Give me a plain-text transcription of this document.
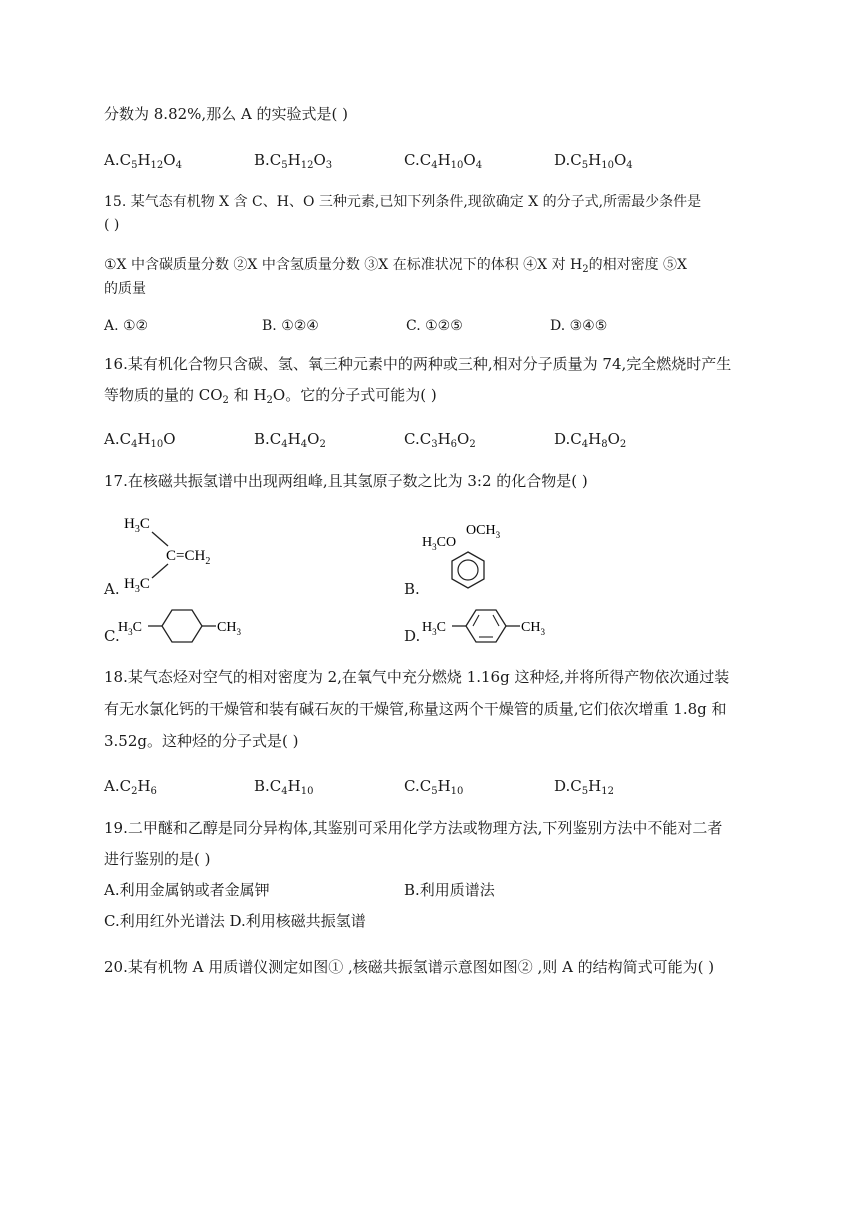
分数为 8.82%,那么 A 的实验式是( )
$A.C_5H_{12}O_4$	$B.C_5H_{12}O_3$	$C.C_4H_{10}O_4$	$D.C_5H_{10}O_4$
15. 某气态有机物 X 含 C、H、O 三种元素,已知下列条件,现欲确定 X 的分子式,所需最少条件是
( )
①X 中含碳质量分数 ②X 中含氢质量分数 ③X 在标准状况下的体积 ④X 对 $H_2$的相对密度 ⑤X
的质量
A. ①②	B. ①②④	C. ①②⑤	D. ③④⑤
16.某有机化合物只含碳、氢、氧三种元素中的两种或三种,相对分子质量为 74,完全燃烧时产生
等物质的量的 $CO_2$ 和 $H_2O$。它的分子式可能为( )
$A.C_4H_{10}O$	$B.C_4H_4O_2$	$C.C_3H_6O_2$	$D.C_4H_8O_2$
17.在核磁共振氢谱中出现两组峰,且其氢原子数之比为 3:2 的化合物是( )
A.	B.
C.	D.
$H_3C$
$C=CH_2$
$H_3C$
$H_3CO$
$OCH_3$
$H_3C$	$CH_3$	$H_3C$	$CH_3$
18.某气态烃对空气的相对密度为 2,在氧气中充分燃烧 1.16g 这种烃,并将所得产物依次通过装
有无水氯化钙的干燥管和装有碱石灰的干燥管,称量这两个干燥管的质量,它们依次增重 1.8g 和
3.52g。这种烃的分子式是( )
$A.C_2H_6$	$B.C_4H_{10}$	$C.C_5H_{10}$	$D.C_5H_{12}$
19.二甲醚和乙醇是同分异构体,其鉴别可采用化学方法或物理方法,下列鉴别方法中不能对二者
进行鉴别的是( )
A.利用金属钠或者金属钾	B.利用质谱法
C.利用红外光谱法 D.利用核磁共振氢谱
20.某有机物 A 用质谱仪测定如图① ,核磁共振氢谱示意图如图② ,则 A 的结构简式可能为( )
